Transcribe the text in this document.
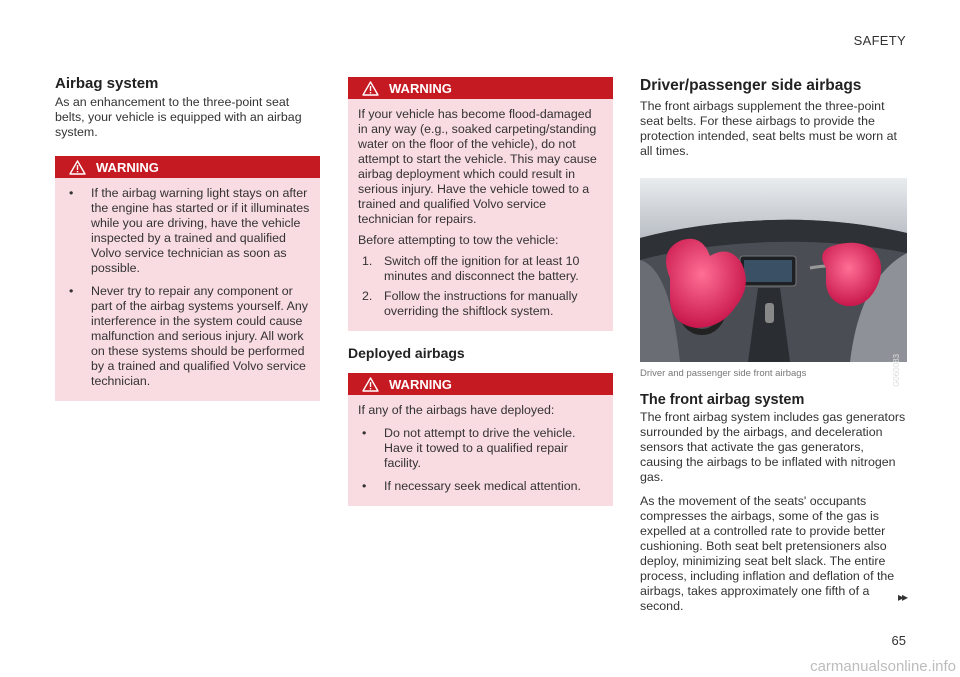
SAFETY
Airbag system

As an enhancement to the three-point seat belts, your vehicle is equipped with an airbag system.

WARNING
•	If the airbag warning light stays on after the engine has started or if it illuminates while you are driving, have the vehicle inspected by a trained and qualified Volvo service technician as soon as possible.
•	Never try to repair any component or part of the airbag systems yourself. Any interference in the system could cause malfunction and serious injury. All work on these systems should be performed by a trained and qualified Volvo service technician.
WARNING

If your vehicle has become flood-damaged in any way (e.g., soaked carpeting/standing water on the floor of the vehicle), do not attempt to start the vehicle. This may cause airbag deployment which could result in serious injury. Have the vehicle towed to a trained and qualified Volvo service technician for repairs.

Before attempting to tow the vehicle:

1. Switch off the ignition for at least 10 minutes and disconnect the battery.
2. Follow the instructions for manually overriding the shiftlock system.
Deployed airbags
WARNING

If any of the airbags have deployed:

•	Do not attempt to drive the vehicle. Have it towed to a qualified repair facility.
•	If necessary seek medical attention.
Driver/passenger side airbags

The front airbags supplement the three-point seat belts. For these airbags to provide the protection intended, seat belts must be worn at all times.

G060083
Driver and passenger side front airbags
The front airbag system

The front airbag system includes gas generators surrounded by the airbags, and deceleration sensors that activate the gas generators, causing the airbags to be inflated with nitrogen gas.

As the movement of the seats' occupants compresses the airbags, some of the gas is expelled at a controlled rate to provide better cushioning. Both seat belt pretensioners also deploy, minimizing seat belt slack. The entire process, including inflation and deflation of the airbags, takes approximately one fifth of a second.

▸▸
65
carmanualsonline.info
